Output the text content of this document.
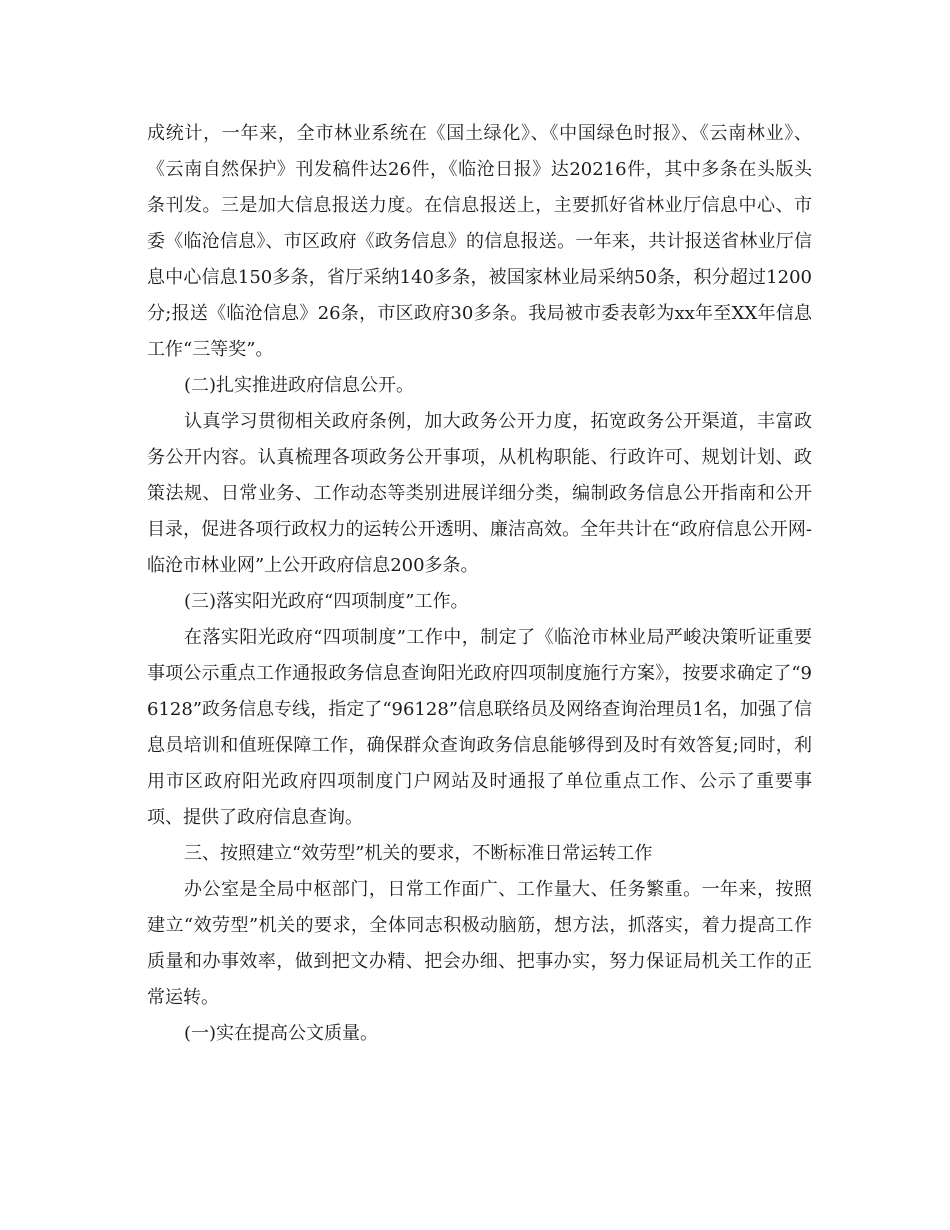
成统计，一年来，全市林业系统在《国土绿化》、《中国绿色时报》、《云南林业》、《云南自然保护》刊发稿件达26件，《临沧日报》达20216件，其中多条在头版头条刊发。三是加大信息报送力度。在信息报送上，主要抓好省林业厅信息中心、市委《临沧信息》、市区政府《政务信息》的信息报送。一年来，共计报送省林业厅信息中心信息150多条，省厅采纳140多条，被国家林业局采纳50条，积分超过1200分;报送《临沧信息》26条，市区政府30多条。我局被市委表彰为xx年至XX年信息工作“三等奖”。

(二)扎实推进政府信息公开。

认真学习贯彻相关政府条例，加大政务公开力度，拓宽政务公开渠道，丰富政务公开内容。认真梳理各项政务公开事项，从机构职能、行政许可、规划计划、政策法规、日常业务、工作动态等类别进展详细分类，编制政务信息公开指南和公开目录，促进各项行政权力的运转公开透明、廉洁高效。全年共计在“政府信息公开网-临沧市林业网”上公开政府信息200多条。

(三)落实阳光政府“四项制度”工作。

在落实阳光政府“四项制度”工作中，制定了《临沧市林业局严峻决策听证重要事项公示重点工作通报政务信息查询阳光政府四项制度施行方案》，按要求确定了“96128”政务信息专线，指定了“96128”信息联络员及网络查询治理员1名，加强了信息员培训和值班保障工作，确保群众查询政务信息能够得到及时有效答复;同时，利用市区政府阳光政府四项制度门户网站及时通报了单位重点工作、公示了重要事项、提供了政府信息查询。

三、按照建立“效劳型”机关的要求，不断标准日常运转工作

办公室是全局中枢部门，日常工作面广、工作量大、任务繁重。一年来，按照建立“效劳型”机关的要求，全体同志积极动脑筋，想方法，抓落实，着力提高工作质量和办事效率，做到把文办精、把会办细、把事办实，努力保证局机关工作的正常运转。

(一)实在提高公文质量。
